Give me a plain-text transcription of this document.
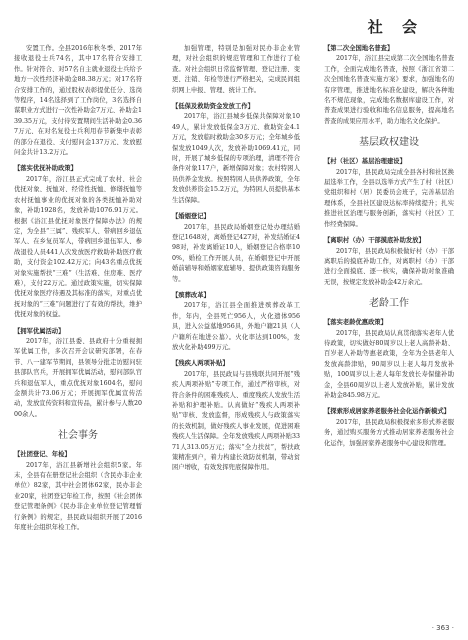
社 会

安置工作。全县2016年秋冬季、2017年接收退役士兵74名，其中17名符合安排工作。针对符合、对57名自主就业退役士兵给予地方一次性经济补助金88.38万元；对17名符合安排工作的，通过股权表彰提优任分、选岗等程序，14名选择到了工作岗位，3名选择自谋职业方式进行一次性补助金7万元、补助金139.35万元，支付待安置期间生活补助金0.367万元、在对名复役士兵利用春节新集中表彰的部分在退役、支付慰问金137万元、发放慰问金共计13.2万元。

【落实优抚补助政策】

2017年，浴江县正式完成了农村、社会优抚对象、抚恤对、经常性抚恤、修缮抚恤等农村抚恤事业的优抚对象的各类抚恤补助对象，补助1928名，发放补助1076.91万元。根据《浴江县优抚对象医疗保障办法》的规定，为全县“三属”、残疾军人、带病回乡退伍军人、在乡复员军人，带病回乡退伍军人、参战退役人员441人次发放医疗救助补助医疗救助，支付资金102.42万元；向43名重点优抚对象实施帮扶“三难”（生活难、住房难、医疗难），支付22万元。通过政策实施，切实保障优抚对象医疗待遇及其标准的落实，对重点优抚对象的“三难”问题进行了有效的帮扶，维护优抚对象的权益。

【拥军优属活动】

2017年，浴江县委、县政府十分重视拥军优属工作，多次召开会议研究部署，在春节、八一建军节期间，县领导分批走访慰问驻县部队官兵，开展拥军优属活动，慰问部队官兵和退伍军人，重点优抚对象1604名，慰问金额共计73.06万元；开展拥军优属宣传活动，发放宣传资料和宣传品，累计参与人数2000余人。

社会事务

【社团登记、年检】

2017年，浴江县新增社会组织5家。年末，全县有在册登记社会组织（含民办非企业单位）82家，其中社会团体62家，民办非企业20家，社团登记年检工作，按照《社会团体登记管理条例》《民办非企业单位登记管理暂行条例》的规定，县民政局组织开展了2016年度社会组织年检工作。

加强管理，特别是加强对民办非企业管理，对社会组织的规范管理和工作进行了检查。对社会组织日常监督管理、登记注册、变更、注销、年检等进行严格把关，完成民间组织网上申报、管理、统计工作。

【低保及救助资金发放工作】

2017年，浴江县城乡低保共保障对象1049人，累计发放低保金3万元、救助资金4.1万元，发放临时救助金30多万元；全年城乡低保发放1049人次，发放补助1069.41元，同时，开展了城乡低保的专项治理，清理不符合条件对象117户，新增保障对象；农村特困人员供养金发放。按照特困人员供养政策，全年发放供养资金15.2万元，为特困人员提供基本生活保障。

【婚姻登记】

2017年，县民政局婚姻登记处办理结婚登记1648对，离婚登记427对，补发结婚证498对，补发离婚证10人，婚姻登记合格率100%，婚检工作开展人员，在婚姻登记中开展婚前辅导和婚姻家庭辅导、提供政策咨询服务等。

【殡葬改革】

2017年，浴江县全面推进殡葬改革工作，年内，全县死亡956人，火化遗体956具，进入公益墓地956具，外地户籍21具（人户籍所在地进公墓）。火化率达到100%，发放火化补助499万元。

【残疾人两项补贴】

2017年，县民政局与县残联共同开展“残疾人两项补贴”专项工作，通过严格审核，对符合条件的困难残疾人、重度残疾人发放生活补贴和护理补贴。认真做好“残疾人两项补贴”审核、发放监督，形成残疾人与政策落实的长效机制，做好残疾人事业发展，促进困难残疾人生活保障。全年发放残疾人两项补贴3371人313.05万元；落实“全力扶贫”，帮扶政策精准到户，着力构建长效防贫机制，带动贫困户增收，有效发挥兜底保障作用。

【第二次全国地名普查】

2017年，浴江县完成第二次全国地名普查工作，全面完成地名普查，按照《浙江省第二次全国地名普查实施方案》要求，加强地名的有序管理，推进地名标准化建设，解决各种地名不规范现象，完成地名数据库建设工作，对普查成果进行验收和地名信息服务，提高地名普查的成果应用水平，助力地名文化保护。

基层政权建设

【村（社区）基层治理建设】

2017年，县民政局完成全县各村和社区换届选举工作，全县以选举方式产生了村（社区）党组织和村（居）民委员会班子，完善基层治理体系，全县社区建设达标率持续提升；扎实推进社区治理与服务创新，落实村（社区）工作经费保障。

【离职村（办）干部摸底补助发放】

2017年，县民政局积极做好村（办）干部离职后的摸底补助工作，对离职村（办）干部进行全面摸底、逐一核实，确保补助对象准确无误，按规定发放补助金42万余元。

老龄工作

【落实老龄优惠政策】

2017年，县民政局认真贯彻落实老年人优待政策，切实做好80周岁以上老人高龄补助、百岁老人补助等惠老政策，全年为全县老年人发放高龄津贴，90周岁以上老人每月发放补贴，100周岁以上老人每年发放长寿保健补助金，全县60周岁以上老人发放补贴，累计发放补助金845.98万元。

【探索形成居家养老服务社会化运作新模式】

2017年，县民政局积极探索多形式养老服务，通过购买服务方式推动居家养老服务社会化运作，加强居家养老服务中心建设和管理。

· 363 ·
